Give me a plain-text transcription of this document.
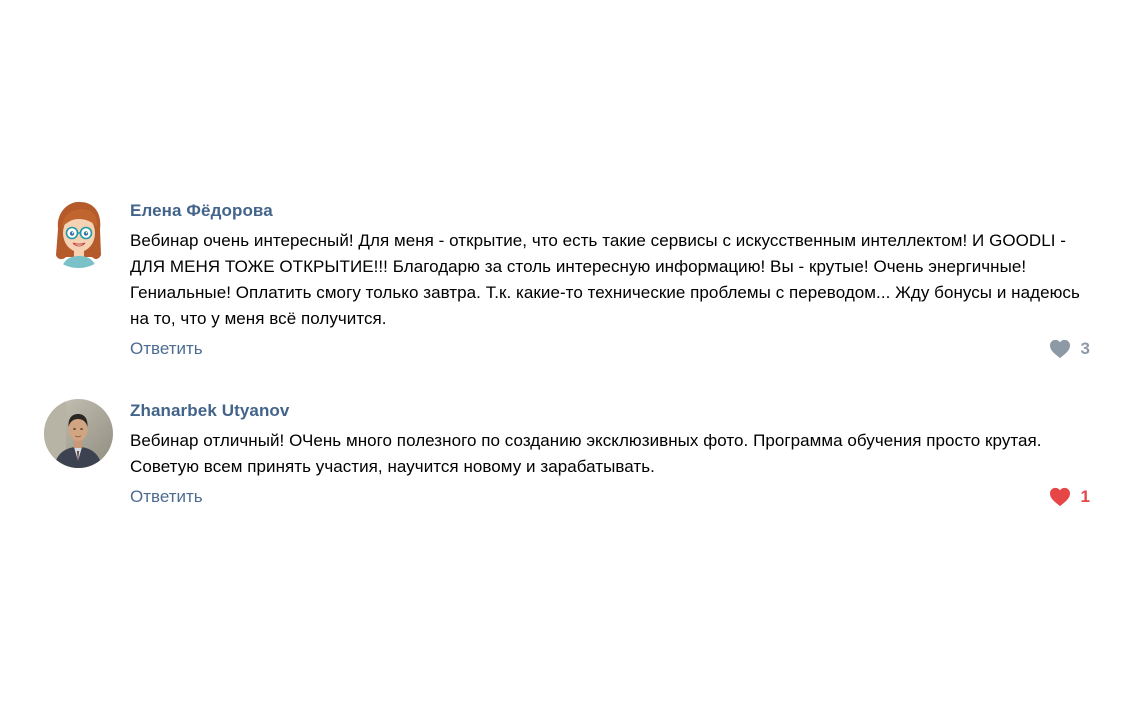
Елена Фёдорова
Вебинар очень интересный! Для меня - открытие, что есть такие сервисы с искусственным интеллектом! И GOODLI - ДЛЯ МЕНЯ ТОЖЕ ОТКРЫТИЕ!!! Благодарю за столь интересную информацию! Вы - крутые! Очень энергичные! Гениальные! Оплатить смогу только завтра. Т.к. какие-то технические проблемы с переводом... Жду бонусы и надеюсь на то, что у меня всё получится.
Ответить	3
Zhanarbek Utyanov
Вебинар отличный! ОЧень много полезного по созданию эксклюзивных фото. Программа обучения просто крутая. Советую всем принять участия, научится новому и зарабатывать.
Ответить	1
